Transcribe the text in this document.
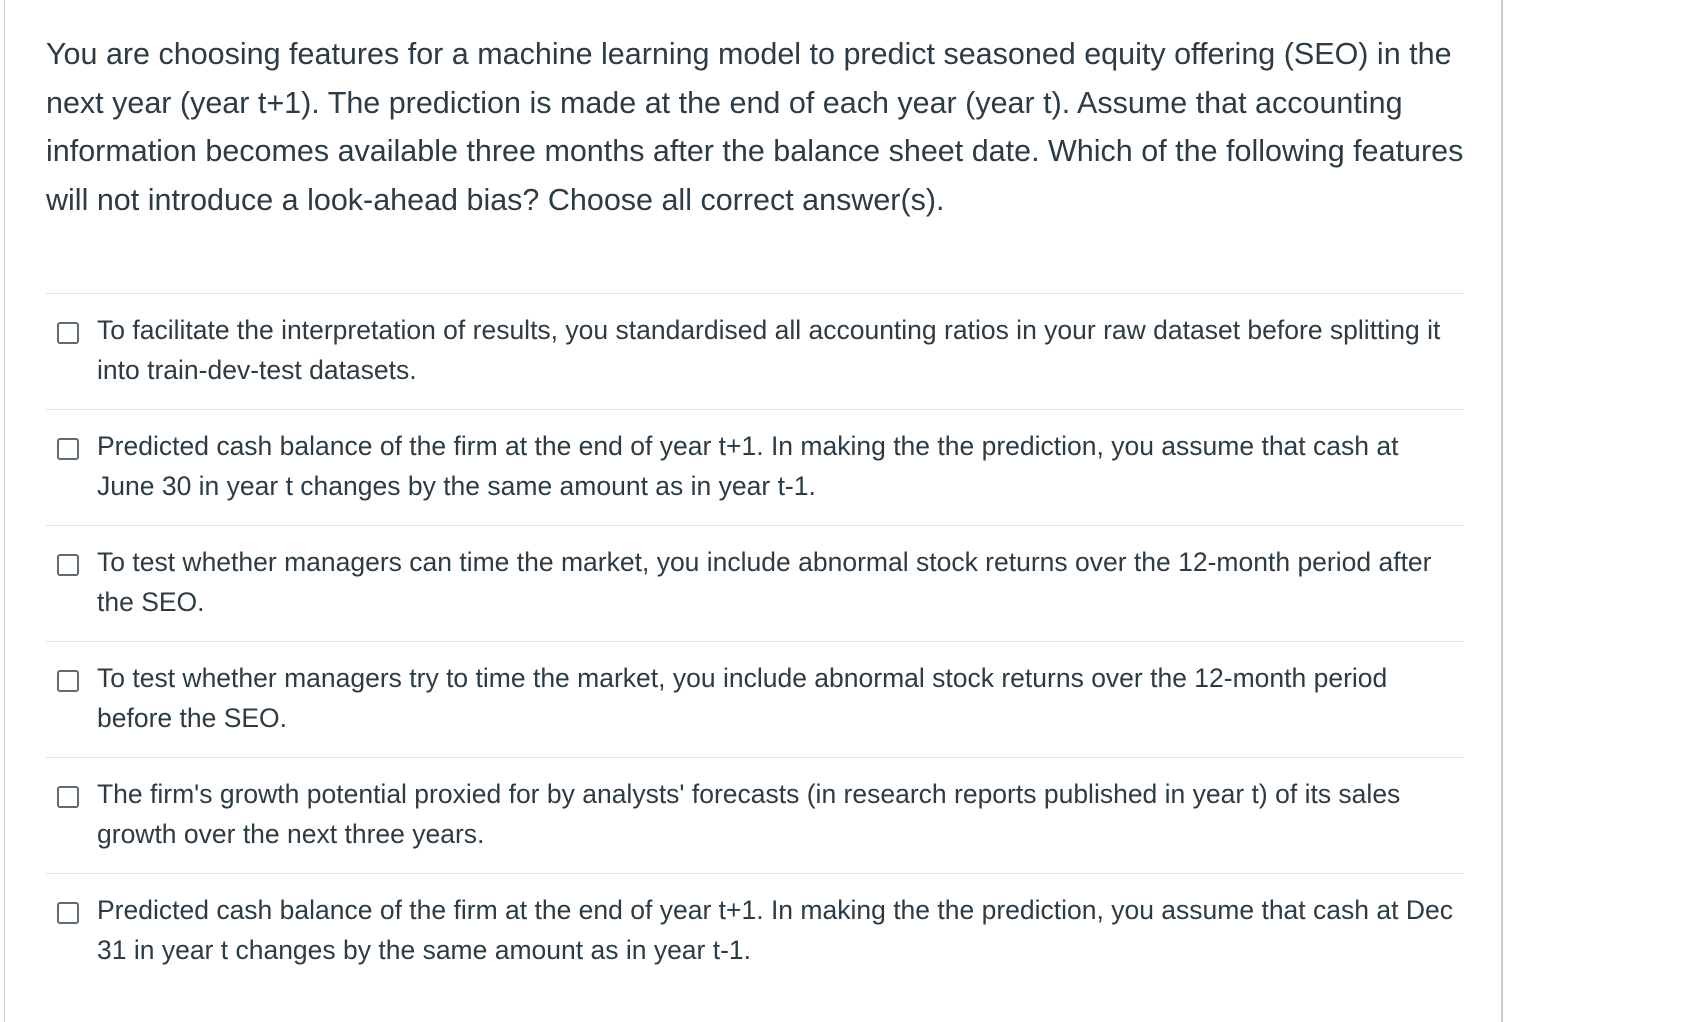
You are choosing features for a machine learning model to predict seasoned equity offering (SEO) in the next year (year t+1). The prediction is made at the end of each year (year t). Assume that accounting information becomes available three months after the balance sheet date. Which of the following features will not introduce a look-ahead bias? Choose all correct answer(s).

To facilitate the interpretation of results, you standardised all accounting ratios in your raw dataset before splitting it into train-dev-test datasets.
Predicted cash balance of the firm at the end of year t+1. In making the the prediction, you assume that cash at June 30 in year t changes by the same amount as in year t-1.
To test whether managers can time the market, you include abnormal stock returns over the 12-month period after the SEO.
To test whether managers try to time the market, you include abnormal stock returns over the 12-month period before the SEO.
The firm's growth potential proxied for by analysts' forecasts (in research reports published in year t) of its sales growth over the next three years.
Predicted cash balance of the firm at the end of year t+1. In making the the prediction, you assume that cash at Dec 31 in year t changes by the same amount as in year t-1.
